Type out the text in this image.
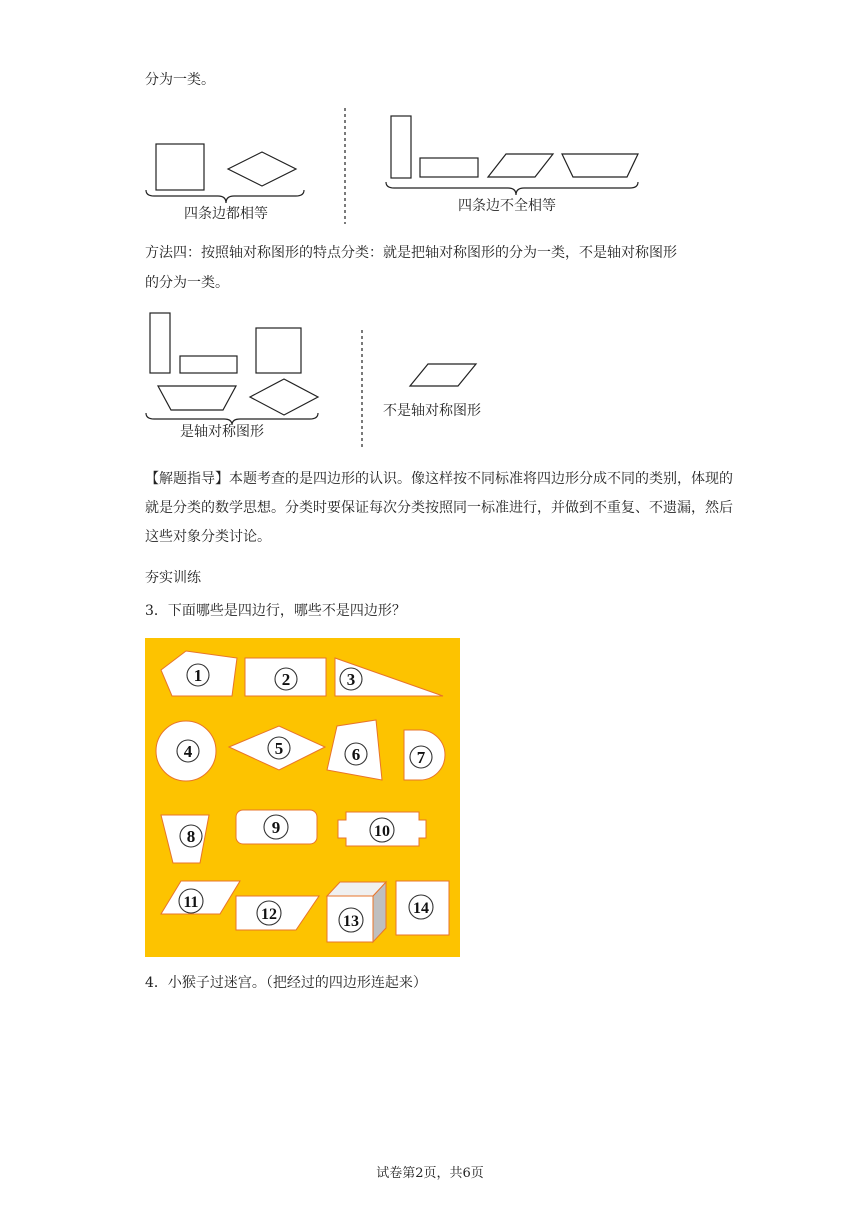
分为一类。
四条边都相等	四条边不全相等
方法四：按照轴对称图形的特点分类：就是把轴对称图形的分为一类，不是轴对称图形
的分为一类。
是轴对称图形
不是轴对称图形
【解题指导】本题考查的是四边形的认识。像这样按不同标准将四边形分成不同的类别，体现的就是分类的数学思想。分类时要保证每次分类按照同一标准进行，并做到不重复、不遗漏，然后这些对象分类讨论。
夯实训练
3．下面哪些是四边行，哪些不是四边形？
1	2	3
4	5	6	7
8	9	10
11
12	13
14
4．小猴子过迷宫。（把经过的四边形连起来）
试卷第2页，共6页
